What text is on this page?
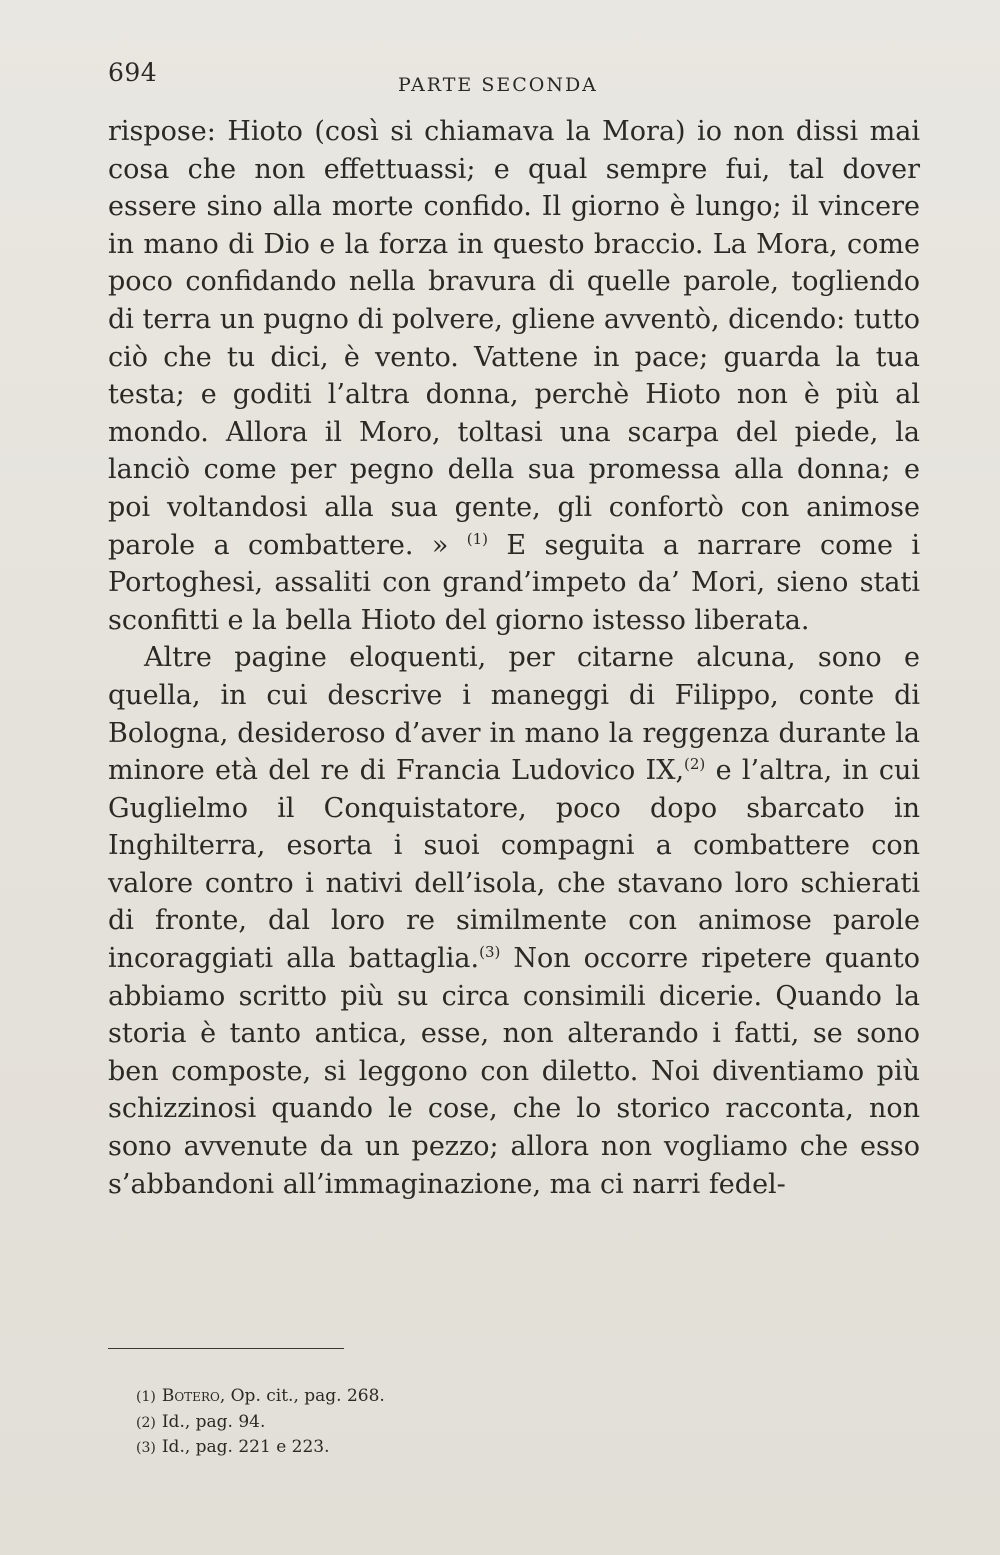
694	PARTE SECONDA

rispose: Hioto (così si chiamava la Mora) io non dissi mai cosa che non effettuassi; e qual sempre fui, tal dover essere sino alla morte confido. Il giorno è lungo; il vincere in mano di Dio e la forza in questo braccio. La Mora, come poco confidando nella bravura di quelle parole, togliendo di terra un pugno di polvere, gliene avventò, dicendo: tutto ciò che tu dici, è vento. Vattene in pace; guarda la tua testa; e goditi l’altra donna, perchè Hioto non è più al mondo. Allora il Moro, toltasi una scarpa del piede, la lanciò come per pegno della sua promessa alla donna; e poi voltandosi alla sua gente, gli confortò con animose parole a combattere. » $^{(1)}$ E seguita a narrare come i Portoghesi, assaliti con grand’impeto da’ Mori, sieno stati sconfitti e la bella Hioto del giorno istesso liberata.

Altre pagine eloquenti, per citarne alcuna, sono e quella, in cui descrive i maneggi di Filippo, conte di Bologna, desideroso d’aver in mano la reggenza durante la minore età del re di Francia Ludovico IX,$^{(2)}$ e l’altra, in cui Guglielmo il Conquistatore, poco dopo sbarcato in Inghilterra, esorta i suoi compagni a combattere con valore contro i nativi dell’isola, che stavano loro schierati di fronte, dal loro re similmente con animose parole incoraggiati alla battaglia.$^{(3)}$ Non occorre ripetere quanto abbiamo scritto più su circa consimili dicerie. Quando la storia è tanto antica, esse, non alterando i fatti, se sono ben composte, si leggono con diletto. Noi diventiamo più schizzinosi quando le cose, che lo storico racconta, non sono avvenute da un pezzo; allora non vogliamo che esso s’abbandoni all’immaginazione, ma ci narri fedel-

(1) Botero, Op. cit., pag. 268.

(2) Id., pag. 94.

(3) Id., pag. 221 e 223.
